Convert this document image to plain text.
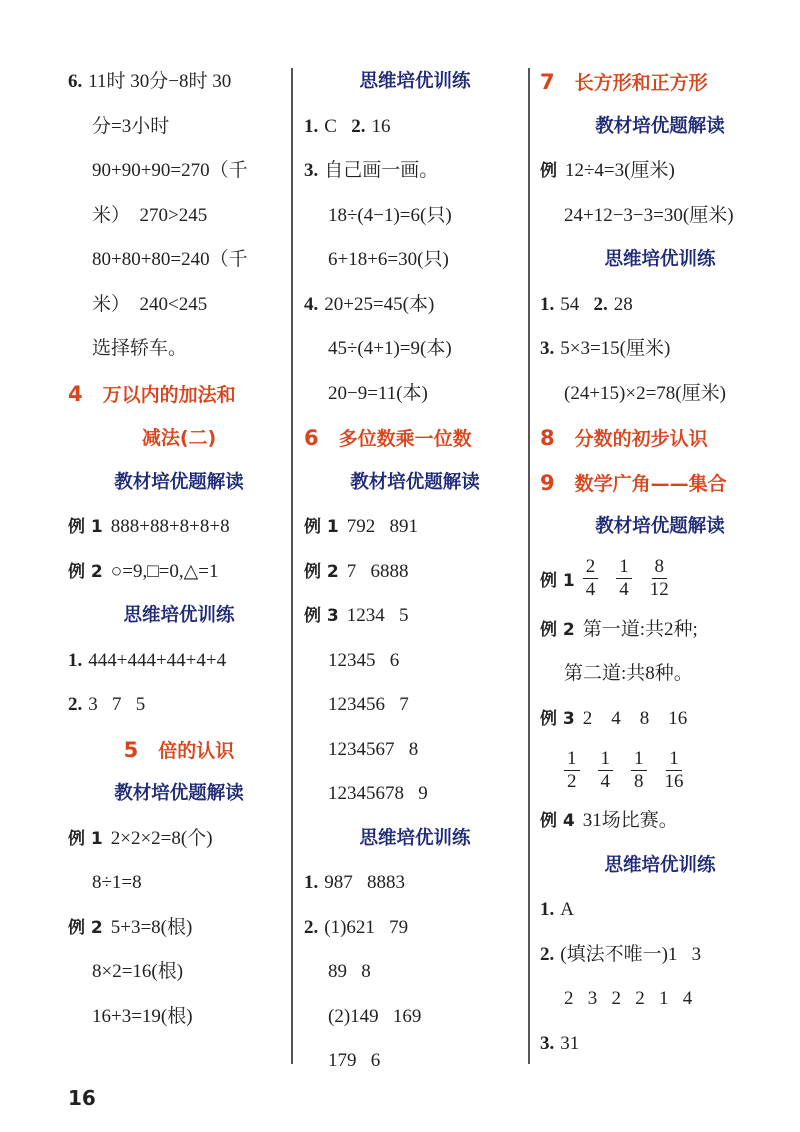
6. 11时 30分−8时 30
分=3小时
90+90+90=270（千
米）  270>245
80+80+80=240（千
米）  240<245
选择轿车。
4 万以内的加法和
减法(二)
教材培优题解读
例 1 888+88+8+8+8
例 2 ○=9,□=0,△=1
思维培优训练
1. 444+444+44+4+4
2. 3   7   5
5 倍的认识
教材培优题解读
例 1 2×2×2=8(个)
8÷1=8
例 2 5+3=8(根)
8×2=16(根)
16+3=19(根)
思维培优训练
1. C   2. 16
3. 自己画一画。
18÷(4−1)=6(只)
6+18+6=30(只)
4. 20+25=45(本)
45÷(4+1)=9(本)
20−9=11(本)
6 多位数乘一位数
教材培优题解读
例 1 792   891
例 2 7   6888
例 3 1234   5
12345   6
123456   7
1234567   8
12345678   9
思维培优训练
1. 987   8883
2. (1)621   79
89   8
(2)149   169
179   6
7 长方形和正方形
教材培优题解读
例 12÷4=3(厘米)
24+12−3−3=30(厘米)
思维培优训练
1. 54   2. 28
3. 5×3=15(厘米)
(24+15)×2=78(厘米)
8 分数的初步认识
9 数学广角——集合
教材培优题解读
例 $1 \frac{2}{4} \frac{1}{4} \frac{8}{12}$
例 2 第一道:共2种;
第二道:共8种。
例 3 2    4    8    16
$\frac{1}{2} \frac{1}{4} \frac{1}{8} \frac{1}{16}$
例 4 31场比赛。
思维培优训练
1. A
2. (填法不唯一)1   3
2   3   2   2   1   4
3. 31
16
